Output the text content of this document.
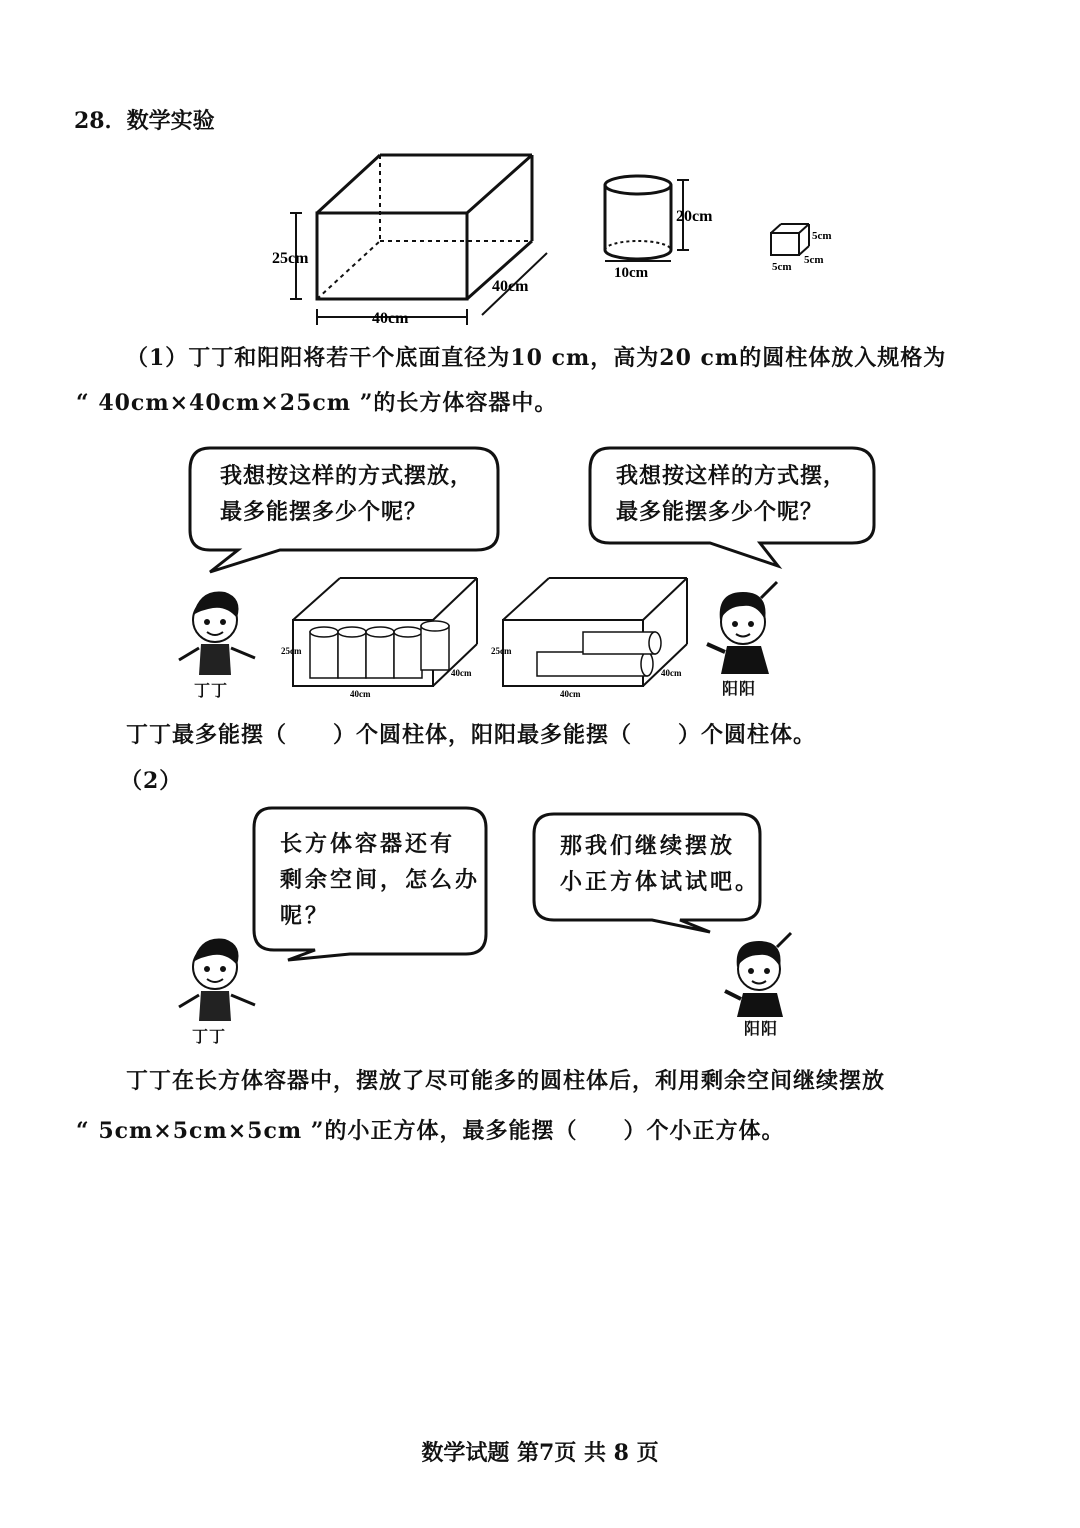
28．数学实验
25cm
40cm
40cm
20cm
10cm
5cm
5cm
5cm
（1）丁丁和阳阳将若干个底面直径为10 cm，高为20 cm的圆柱体放入规格为
“ 40cm×40cm×25cm ”的长方体容器中。
我想按这样的方式摆放，
最多能摆多少个呢？
我想按这样的方式摆，
最多能摆多少个呢？
25cm
40cm
40cm
25cm
40cm
40cm
丁丁	阳阳
丁丁最多能摆（　　）个圆柱体，阳阳最多能摆（　　）个圆柱体。
（2）
长方体容器还有
剩余空间，怎么办
呢？
那我们继续摆放
小正方体试试吧。
丁丁	阳阳
丁丁在长方体容器中，摆放了尽可能多的圆柱体后，利用剩余空间继续摆放
“ 5cm×5cm×5cm ”的小正方体，最多能摆（　　）个小正方体。
数学试题 第7页 共 8 页
